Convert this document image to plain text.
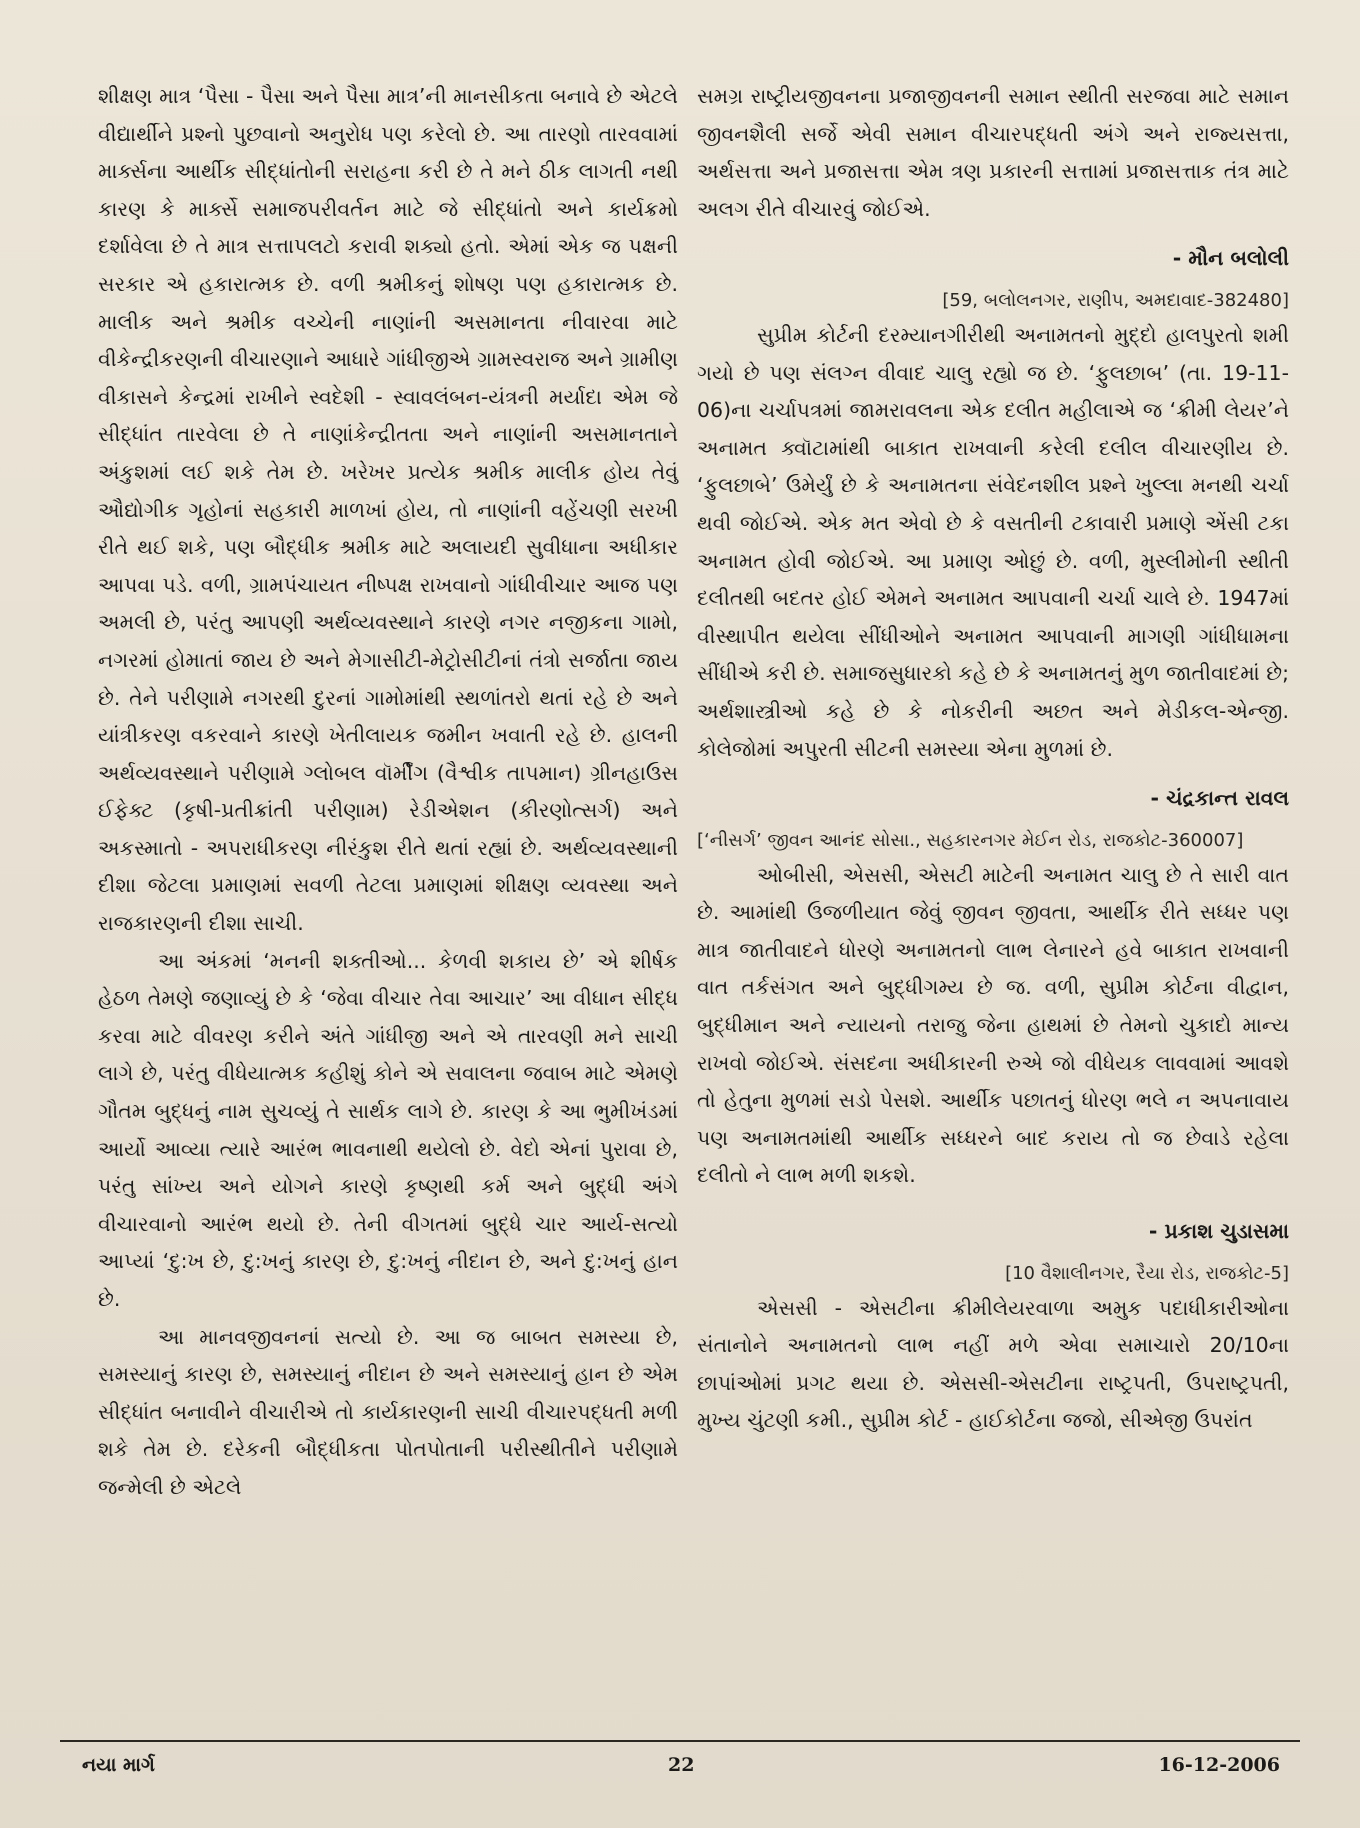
શીક્ષણ માત્ર ‘પૈસા - પૈસા અને પૈસા માત્ર’ની માનસીકતા બનાવે છે એટલે વીદ્યાર્થીને પ્રશ્નો પુછવાનો અનુરોધ પણ કરેલો છે. આ તારણો તારવવામાં માર્ક્સના આર્થીક સીદ્ધાંતોની સરાહના કરી છે તે મને ઠીક લાગતી નથી કારણ કે માર્ક્સે સમાજપરીવર્તન માટે જે સીદ્ધાંતો અને કાર્યક્રમો દર્શાવેલા છે તે માત્ર સત્તાપલટો કરાવી શક્યો હતો. એમાં એક જ પક્ષની સરકાર એ હકારાત્મક છે. વળી શ્રમીકનું શોષણ પણ હકારાત્મક છે. માલીક અને શ્રમીક વચ્ચેની નાણાંની અસમાનતા નીવારવા માટે વીકેન્દ્રીકરણની વીચારણાને આધારે ગાંધીજીએ ગ્રામસ્વરાજ અને ગ્રામીણ વીકાસને કેન્દ્રમાં રાખીને સ્વદેશી - સ્વાવલંબન-યંત્રની મર્યાદા એમ જે સીદ્ધાંત તારવેલા છે તે નાણાંકેન્દ્રીતતા અને નાણાંની અસમાનતાને અંકુશમાં લઈ શકે તેમ છે. ખરેખર પ્રત્યેક શ્રમીક માલીક હોય તેવું ઔદ્યોગીક ગૃહોનાં સહકારી માળખાં હોય, તો નાણાંની વહેંચણી સરખી રીતે થઈ શકે, પણ બૌદ્ધીક શ્રમીક માટે અલાયદી સુવીધાના અધીકાર આપવા પડે. વળી, ગ્રામપંચાયત નીષ્પક્ષ રાખવાનો ગાંધીવીચાર આજ પણ અમલી છે, પરંતુ આપણી અર્થવ્યવસ્થાને કારણે નગર નજીકના ગામો, નગરમાં હોમાતાં જાય છે અને મેગાસીટી-મેટ્રોસીટીનાં તંત્રો સર્જાતા જાય છે. તેને પરીણામે નગરથી દુરનાં ગામોમાંથી સ્થળાંતરો થતાં રહે છે અને યાંત્રીકરણ વકરવાને કારણે ખેતીલાયક જમીન ખવાતી રહે છે. હાલની અર્થવ્યવસ્થાને પરીણામે ગ્લોબલ વૉર્મીંગ (વૈશ્વીક તાપમાન) ગ્રીનહાઉસ ઈફેક્ટ (કૃષી-પ્રતીક્રાંતી પરીણામ) રેડીએશન (કીરણોત્સર્ગ) અને અકસ્માતો - અપરાધીકરણ નીરંકુશ રીતે થતાં રહ્યાં છે. અર્થવ્યવસ્થાની દીશા જેટલા પ્રમાણમાં સવળી તેટલા પ્રમાણમાં શીક્ષણ વ્યવસ્થા અને રાજકારણની દીશા સાચી.

આ અંકમાં ‘મનની શક્તીઓ... કેળવી શકાય છે’ એ શીર્ષક હેઠળ તેમણે જણાવ્યું છે કે ‘જેવા વીચાર તેવા આચાર’ આ વીધાન સીદ્ધ કરવા માટે વીવરણ કરીને અંતે ગાંધીજી અને એ તારવણી મને સાચી લાગે છે, પરંતુ વીધેયાત્મક કહીશું કોને એ સવાલના જવાબ માટે એમણે ગૌતમ બુદ્ધનું નામ સુચવ્યું તે સાર્થક લાગે છે. કારણ કે આ ભુમીખંડમાં આર્યો આવ્યા ત્યારે આરંભ ભાવનાથી થયેલો છે. વેદો એનાં પુરાવા છે, પરંતુ સાંખ્ય અને યોગને કારણે કૃષ્ણથી કર્મ અને બુદ્ધી અંગે વીચારવાનો આરંભ થયો છે. તેની વીગતમાં બુદ્ધે ચાર આર્ય-સત્યો આપ્યાં ‘દુ:ખ છે, દુ:ખનું કારણ છે, દુ:ખનું નીદાન છે, અને દુ:ખનું હાન છે.

આ માનવજીવનનાં સત્યો છે. આ જ બાબત સમસ્યા છે, સમસ્યાનું કારણ છે, સમસ્યાનું નીદાન છે અને સમસ્યાનું હાન છે એમ સીદ્ધાંત બનાવીને વીચારીએ તો કાર્યકારણની સાચી વીચારપદ્ધતી મળી શકે તેમ છે. દરેકની બૌદ્ધીકતા પોતપોતાની પરીસ્થીતીને પરીણામે જન્મેલી છે એટલે

સમગ્ર રાષ્ટ્રીયજીવનના પ્રજાજીવનની સમાન સ્થીતી સરજવા માટે સમાન જીવનશૈલી સર્જે એવી સમાન વીચારપદ્ધતી અંગે અને રાજ્યસત્તા, અર્થસત્તા અને પ્રજાસત્તા એમ ત્રણ પ્રકારની સત્તામાં પ્રજાસત્તાક તંત્ર માટે અલગ રીતે વીચારવું જોઈએ.

- મૌન બલોલી
[59, બલોલનગર, રાણીપ, અમદાવાદ-382480]

સુપ્રીમ કોર્ટની દરમ્યાનગીરીથી અનામતનો મુદ્દો હાલપુરતો શમી ગયો છે પણ સંલગ્ન વીવાદ ચાલુ રહ્યો જ છે. ‘ફુલછાબ’ (તા. 19-11-06)ના ચર્ચાપત્રમાં જામરાવલના એક દલીત મહીલાએ જ ‘ક્રીમી લેયર’ને અનામત ક્વૉટામાંથી બાકાત રાખવાની કરેલી દલીલ વીચારણીય છે. ‘ફુલછાબે’ ઉમેર્યું છે કે અનામતના સંવેદનશીલ પ્રશ્ને ખુલ્લા મનથી ચર્ચા થવી જોઈએ. એક મત એવો છે કે વસતીની ટકાવારી પ્રમાણે એંસી ટકા અનામત હોવી જોઈએ. આ પ્રમાણ ઓછું છે. વળી, મુસ્લીમોની સ્થીતી દલીતથી બદતર હોઈ એમને અનામત આપવાની ચર્ચા ચાલે છે. 1947માં વીસ્થાપીત થયેલા સીંધીઓને અનામત આપવાની માગણી ગાંધીધામના સીંધીએ કરી છે. સમાજસુધારકો કહે છે કે અનામતનું મુળ જાતીવાદમાં છે; અર્થશાસ્ત્રીઓ કહે છે કે નોકરીની અછત અને મેડીકલ-એન્જી. કોલેજોમાં અપુરતી સીટની સમસ્યા એના મુળમાં છે.

- ચંદ્રકાન્ત રાવલ
[‘નીસર્ગ’ જીવન આનંદ સોસા., સહકારનગર મેઈન રોડ, રાજકોટ-360007]

ઓબીસી, એસસી, એસટી માટેની અનામત ચાલુ છે તે સારી વાત છે. આમાંથી ઉજળીયાત જેવું જીવન જીવતા, આર્થીક રીતે સધ્ધર પણ માત્ર જાતીવાદને ધોરણે અનામતનો લાભ લેનારને હવે બાકાત રાખવાની વાત તર્કસંગત અને બુદ્ધીગમ્ય છે જ. વળી, સુપ્રીમ કોર્ટના વીદ્વાન, બુદ્ધીમાન અને ન્યાયનો તરાજુ જેના હાથમાં છે તેમનો ચુકાદો માન્ય રાખવો જોઈએ. સંસદના અધીકારની રુએ જો વીધેયક લાવવામાં આવશે તો હેતુના મુળમાં સડો પેસશે. આર્થીક પછાતનું ધોરણ ભલે ન અપનાવાય પણ અનામતમાંથી આર્થીક સધ્ધરને બાદ કરાય તો જ છેવાડે રહેલા દલીતો ને લાભ મળી શકશે.

- પ્રકાશ ચુડાસમા
[10 વૈશાલીનગર, રૈયા રોડ, રાજકોટ-5]

એસસી - એસટીના ક્રીમીલેયરવાળા અમુક પદાધીકારીઓના સંતાનોને અનામતનો લાભ નહીં મળે એવા સમાચારો 20/10ના છાપાંઓમાં પ્રગટ થયા છે. એસસી-એસટીના રાષ્ટ્રપતી, ઉપરાષ્ટ્રપતી, મુખ્ય ચુંટણી કમી., સુપ્રીમ કોર્ટ - હાઈકોર્ટના જજો, સીએજી ઉપરાંત

નયા માર્ગ	22	16-12-2006
